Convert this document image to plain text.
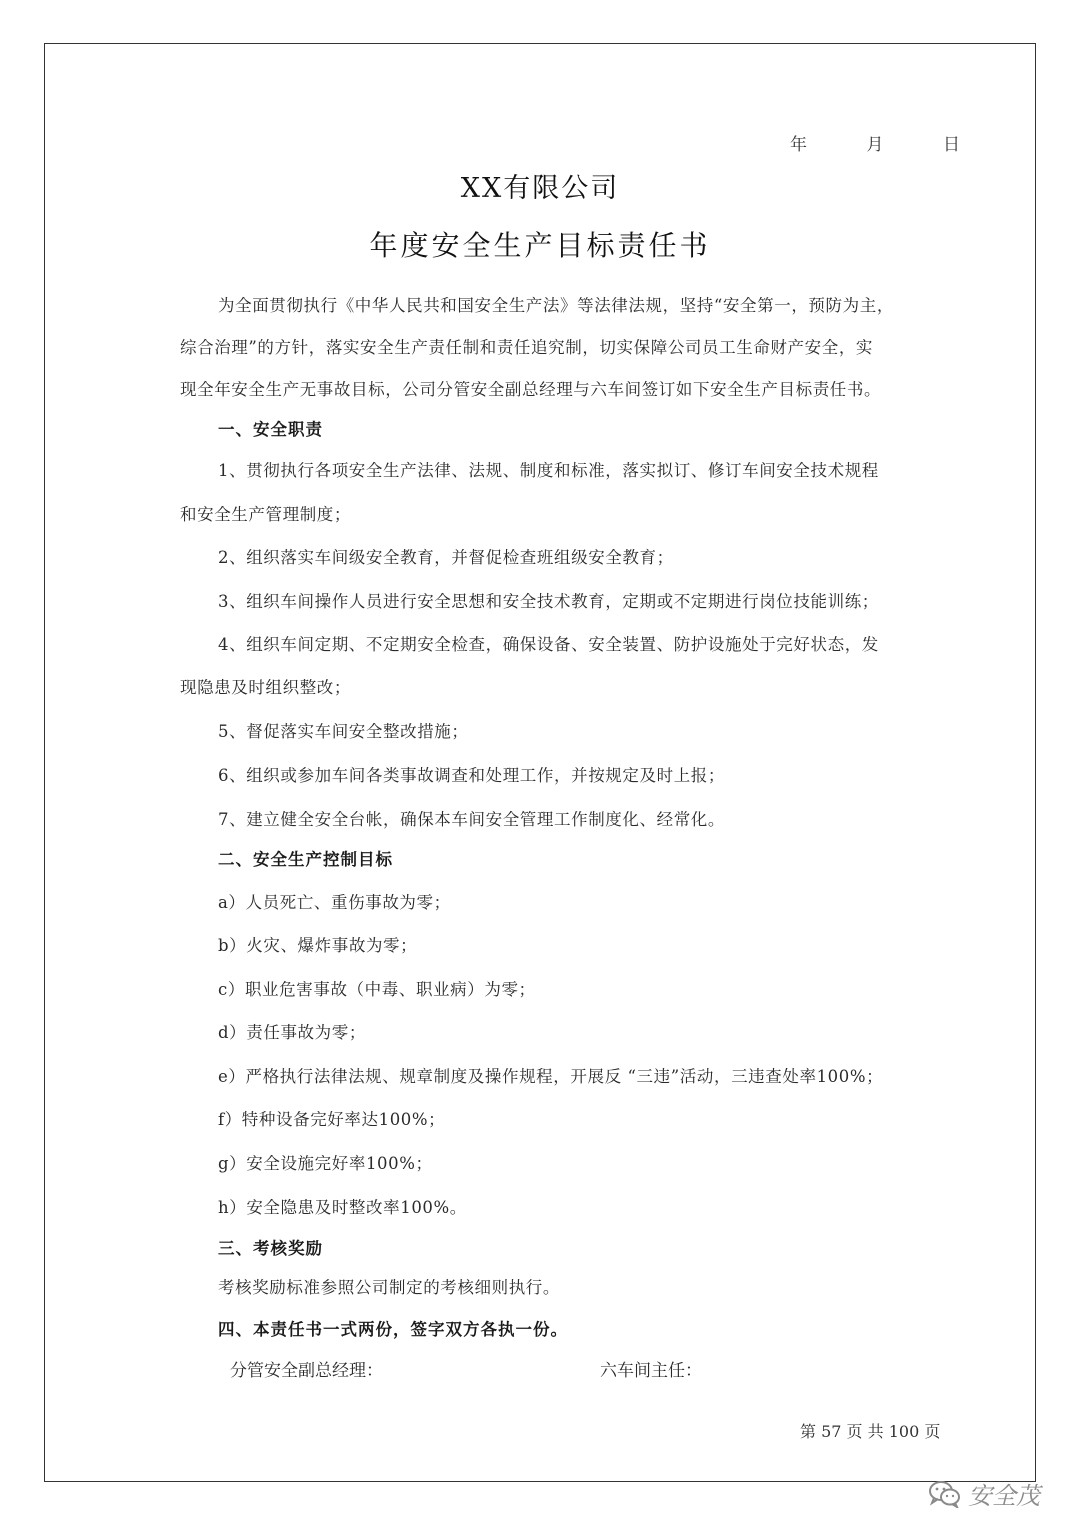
年	月	日
XX有限公司
年度安全生产目标责任书
为全面贯彻执行《中华人民共和国安全生产法》等法律法规，坚持“安全第一，预防为主，
综合治理”的方针，落实安全生产责任制和责任追究制，切实保障公司员工生命财产安全，实
现全年安全生产无事故目标，公司分管安全副总经理与六车间签订如下安全生产目标责任书。
一、安全职责
1、贯彻执行各项安全生产法律、法规、制度和标准，落实拟订、修订车间安全技术规程
和安全生产管理制度；
2、组织落实车间级安全教育，并督促检查班组级安全教育；
3、组织车间操作人员进行安全思想和安全技术教育，定期或不定期进行岗位技能训练；
4、组织车间定期、不定期安全检查，确保设备、安全装置、防护设施处于完好状态，发
现隐患及时组织整改；
5、督促落实车间安全整改措施；
6、组织或参加车间各类事故调查和处理工作，并按规定及时上报；
7、建立健全安全台帐，确保本车间安全管理工作制度化、经常化。
二、安全生产控制目标
a）人员死亡、重伤事故为零；
b）火灾、爆炸事故为零；
c）职业危害事故（中毒、职业病）为零；
d）责任事故为零；
e）严格执行法律法规、规章制度及操作规程，开展反 “三违”活动，三违查处率100%；
f）特种设备完好率达100%；
g）安全设施完好率100%；
h）安全隐患及时整改率100%。
三、考核奖励
考核奖励标准参照公司制定的考核细则执行。
四、本责任书一式两份，签字双方各执一份。
分管安全副总经理：	六车间主任：
第 57 页 共 100 页
安全茂
